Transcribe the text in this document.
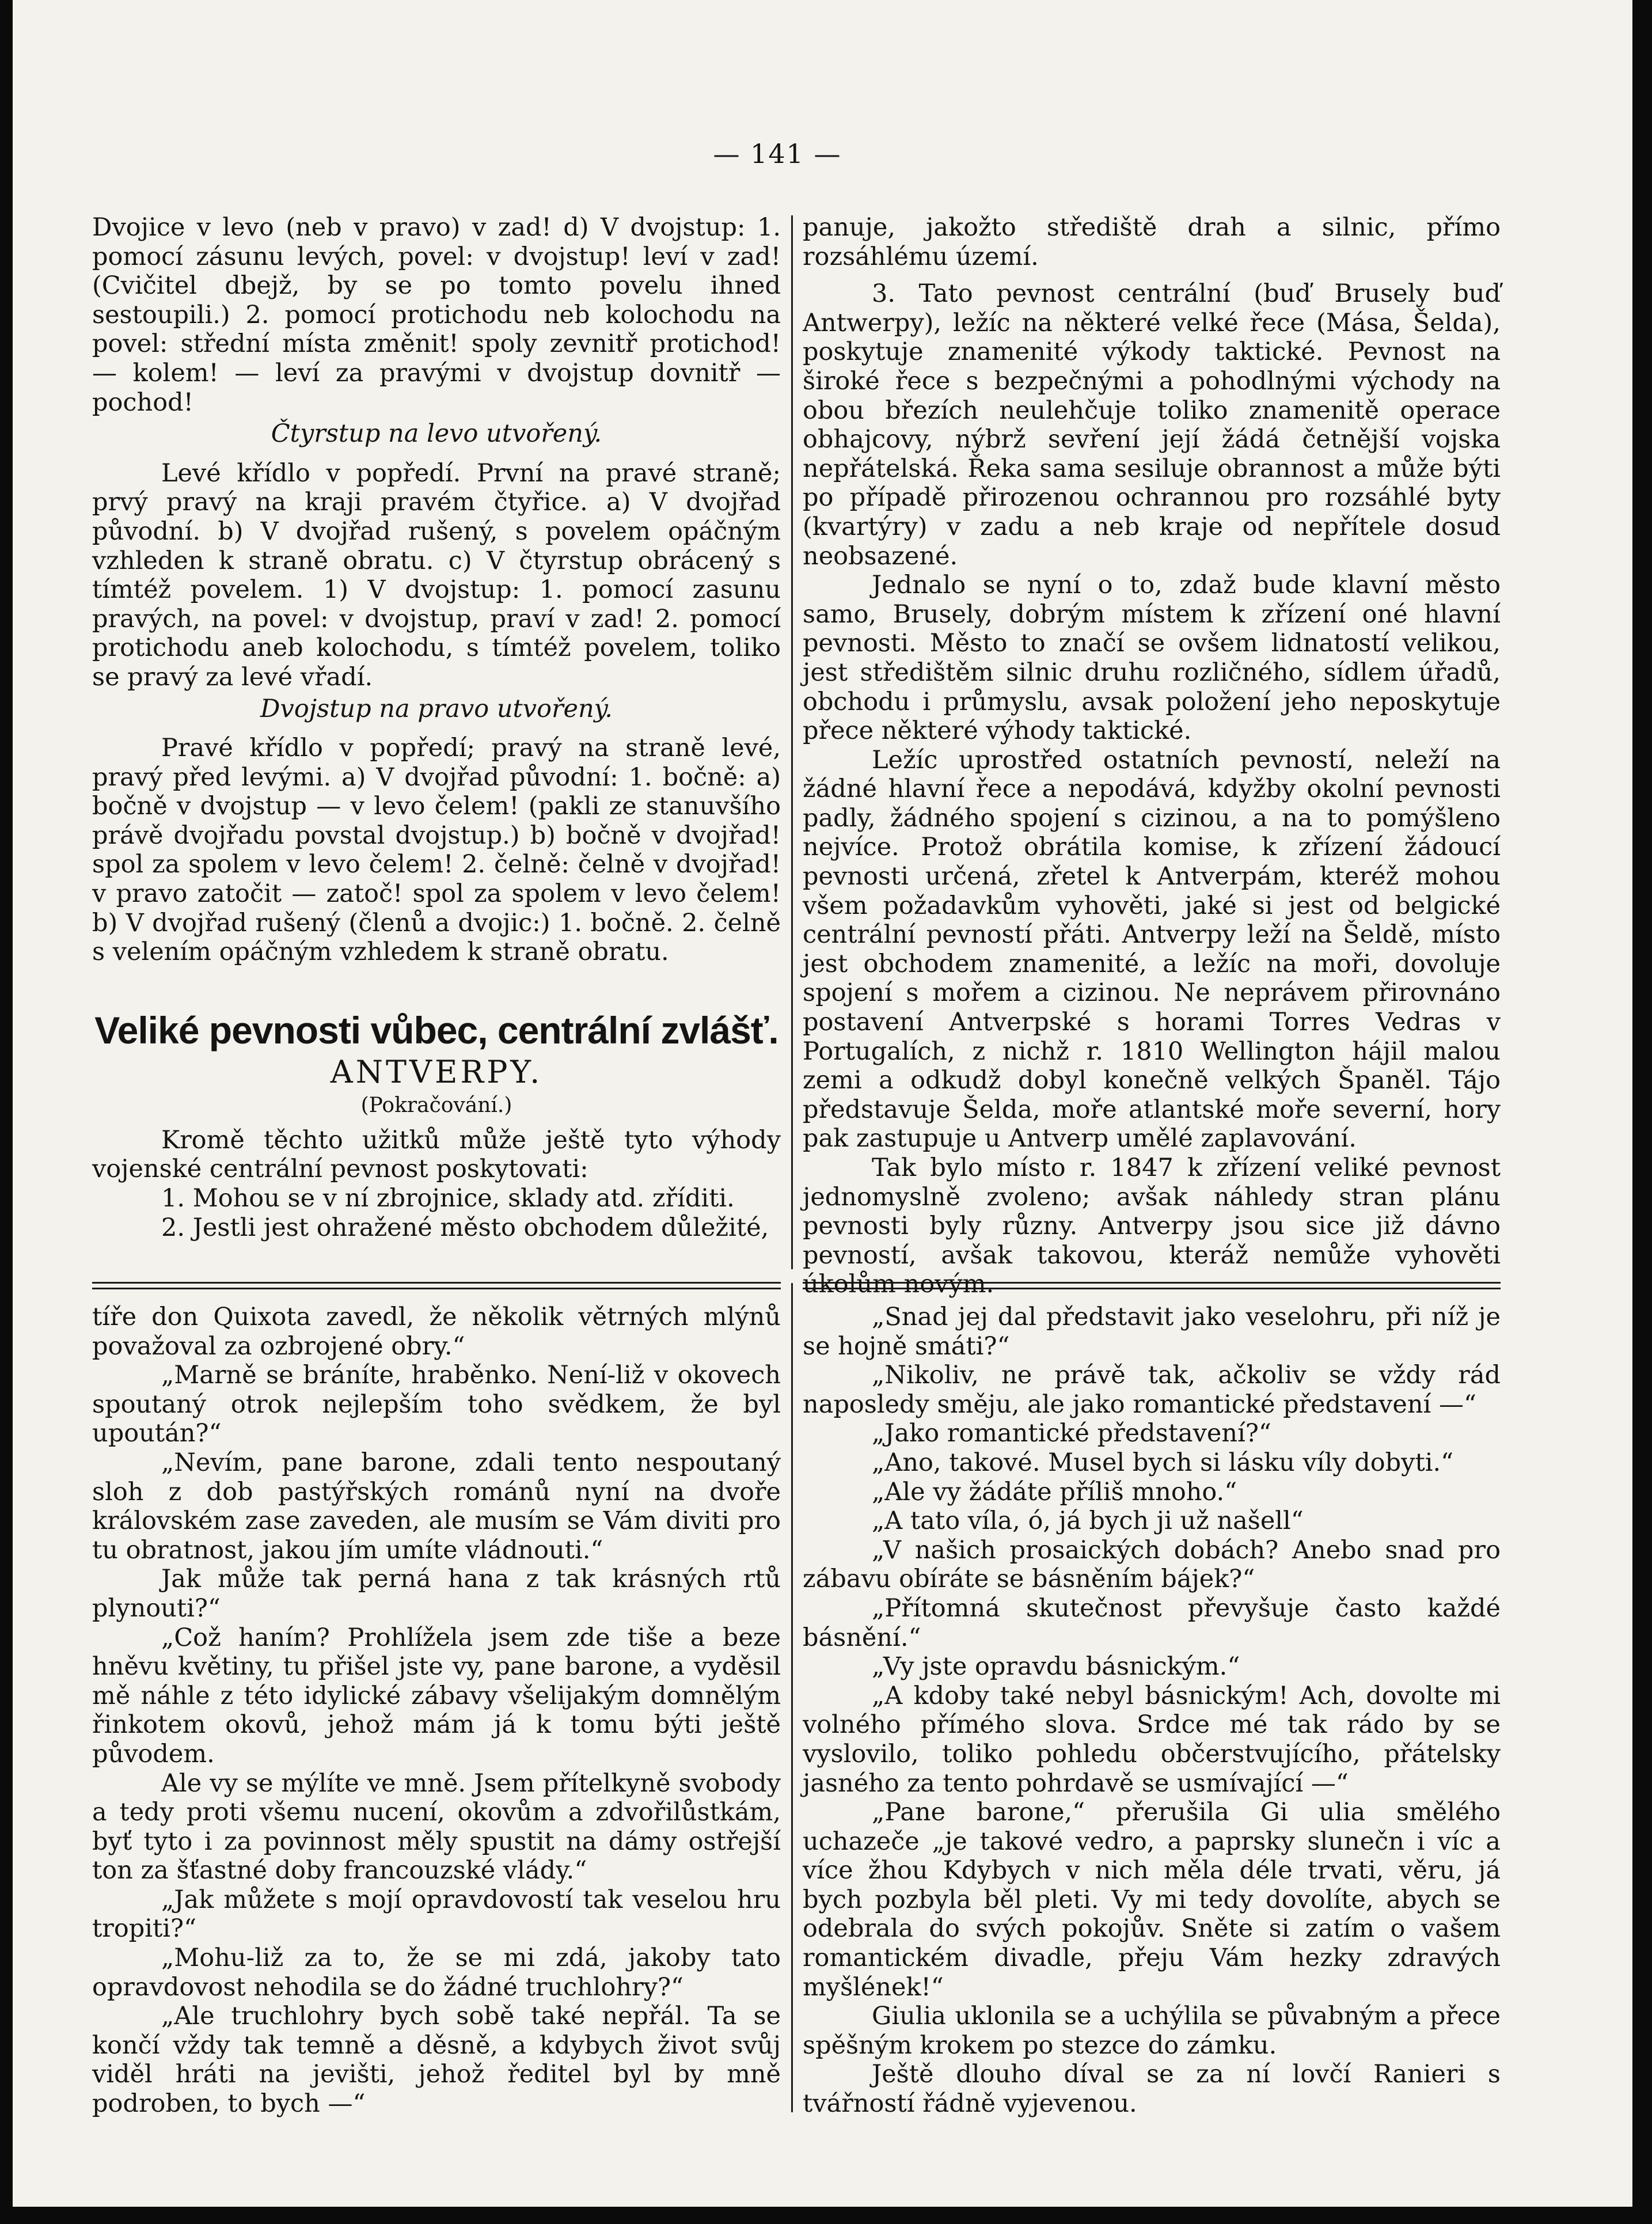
— 141 —

Dvojice v levo (neb v pravo) v zad! d) V dvojstup: 1. pomocí zásunu levých, povel: v dvojstup! leví v zad! (Cvičitel dbejž, by se po tomto povelu ihned sestoupili.) 2. pomocí protichodu neb kolochodu na povel: střední místa změnit! spoly zevnitř protichod! — kolem! — leví za pravými v dvojstup dovnitř — pochod!

Čtyrstup na levo utvořený.

Levé křídlo v popředí. První na pravé straně; prvý pravý na kraji pravém čtyřice. a) V dvojřad původní. b) V dvojřad rušený, s povelem opáčným vzhleden k straně obratu. c) V čtyrstup obrácený s tímtéž povelem. 1) V dvojstup: 1. pomocí zasunu pravých, na povel: v dvojstup, praví v zad! 2. pomocí protichodu aneb kolochodu, s tímtéž povelem, toliko se pravý za levé vřadí.

Dvojstup na pravo utvořený.

Pravé křídlo v popředí; pravý na straně levé, pravý před levými. a) V dvojřad původní: 1. bočně: a) bočně v dvojstup — v levo čelem! (pakli ze stanuvšího právě dvojřadu povstal dvojstup.) b) bočně v dvojřad! spol za spolem v levo čelem! 2. čelně: čelně v dvojřad! v pravo zatočit — zatoč! spol za spolem v levo čelem! b) V dvojřad rušený (členů a dvojic:) 1. bočně. 2. čelně s velením opáčným vzhledem k straně obratu.

Veliké pevnosti vůbec, centrální zvlášť.

ANTVERPY.

(Pokračování.)

Kromě těchto užitků může ještě tyto výhody vojenské centrální pevnost poskytovati:

1. Mohou se v ní zbrojnice, sklady atd. zříditi.

2. Jestli jest ohražené město obchodem důležité,

panuje, jakožto střediště drah a silnic, přímo rozsáhlému území.

3. Tato pevnost centrální (buď Brusely buď Antwerpy), ležíc na některé velké řece (Mása, Šelda), poskytuje znamenité výkody taktické. Pevnost na široké řece s bezpečnými a pohodlnými východy na obou březích neulehčuje toliko znamenitě operace obhajcovy, nýbrž sevření její žádá četnější vojska nepřátelská. Řeka sama sesiluje obrannost a může býti po případě přirozenou ochrannou pro rozsáhlé byty (kvartýry) v zadu a neb kraje od nepřítele dosud neobsazené.

Jednalo se nyní o to, zdaž bude klavní město samo, Brusely, dobrým místem k zřízení oné hlavní pevnosti. Město to značí se ovšem lidnatostí velikou, jest středištěm silnic druhu rozličného, sídlem úřadů, obchodu i průmyslu, avsak položení jeho neposkytuje přece některé výhody taktické.

Ležíc uprostřed ostatních pevností, neleží na žádné hlavní řece a nepodává, kdyžby okolní pevnosti padly, žádného spojení s cizinou, a na to pomýšleno nejvíce. Protož obrátila komise, k zřízení žádoucí pevnosti určená, zřetel k Antverpám, kteréž mohou všem požadavkům vyhověti, jaké si jest od belgické centrální pevností přáti. Antverpy leží na Šeldě, místo jest obchodem znamenité, a ležíc na moři, dovoluje spojení s mořem a cizinou. Ne neprávem přirovnáno postavení Antverpské s horami Torres Vedras v Portugalích, z nichž r. 1810 Wellington hájil malou zemi a odkudž dobyl konečně velkých Španěl. Tájo představuje Šelda, mořе atlantské moře severní, hory pak zastupuje u Antverp umělé zaplavování.

Tak bylo místo r. 1847 k zřízení veliké pevnost jednomyslně zvoleno; avšak náhledy stran plánu pevnosti byly různy. Antverpy jsou sice již dávno pevností, avšak takovou, kteráž nemůže vyhověti úkolům novým.

tíře don Quixota zavedl, že několik větrných mlýnů považoval za ozbrojené obry.“

„Marně se bráníte, hraběnko. Není-liž v okovech spoutaný otrok nejlepším toho svědkem, že byl upoután?“

„Nevím, pane barone, zdali tento nespoutaný sloh z dob pastýřských románů nyní na dvoře královském zase zaveden, ale musím se Vám diviti pro tu obratnost, jakou jím umíte vládnouti.“

Jak může tak perná hana z tak krásných rtů plynouti?“

„Což haním? Prohlížela jsem zde tiše a beze hněvu květiny, tu přišel jste vy, pane barone, a vyděsil mě náhle z této idylické zábavy všelijakým domnělým řinkotem okovů, jehož mám já k tomu býti ještě původem.

Ale vy se mýlíte ve mně. Jsem přítelkyně svobody a tedy proti všemu nucení, okovům a zdvořilůstkám, byť tyto i za povinnost měly spustit na dámy ostřejší ton za šťastné doby francouzské vlády.“

„Jak můžete s mojí opravdovostí tak veselou hru tropiti?“

„Mohu-liž za to, že se mi zdá, jakoby tato opravdovost nehodila se do žádné truchlohry?“

„Ale truchlohry bych sobě také nepřál. Ta se končí vždy tak temně a děsně, a kdybych život svůj viděl hráti na jevišti, jehož ředitel byl by mně podroben, to bych —“

„Snad jej dal představit jako veselohru, při níž je se hojně smáti?“

„Nikoliv, ne právě tak, ačkoliv se vždy rád naposledy směju, ale jako romantické představení —“

„Jako romantické představení?“

„Ano, takové. Musel bych si lásku víly dobyti.“

„Ale vy žádáte příliš mnoho.“

„A tato víla, ó, já bych ji už našell“

„V našich prosaických dobách? Anebo snad pro zábavu obíráte se básněním bájek?“

„Přítomná skutečnost převyšuje často každé básnění.“

„Vy jste opravdu básnickým.“

„A kdoby také nebyl básnickým! Ach, dovolte mi volného přímého slova. Srdce mé tak rádo by se vyslovilo, toliko pohledu občerstvujícího, přátelsky jasného za tento pohrdavě se usmívající —“

„Pane barone,“ přerušila Gi ulia smělého uchazeče „je takové vedro, a paprsky slunečn i víc a více žhou Kdybych v nich měla déle trvati, věru, já bych pozbyla běl pleti. Vy mi tedy dovolíte, abych se odebrala do svých pokojův. Sněte si zatím o vašem romantickém divadle, přeju Vám hezky zdravých myšlének!“

Giulia uklonila se a uchýlila se půvabným a přece spěšným krokem po stezce do zámku.

Ještě dlouho díval se za ní lovčí Ranieri s tvářností řádně vyjevenou.
